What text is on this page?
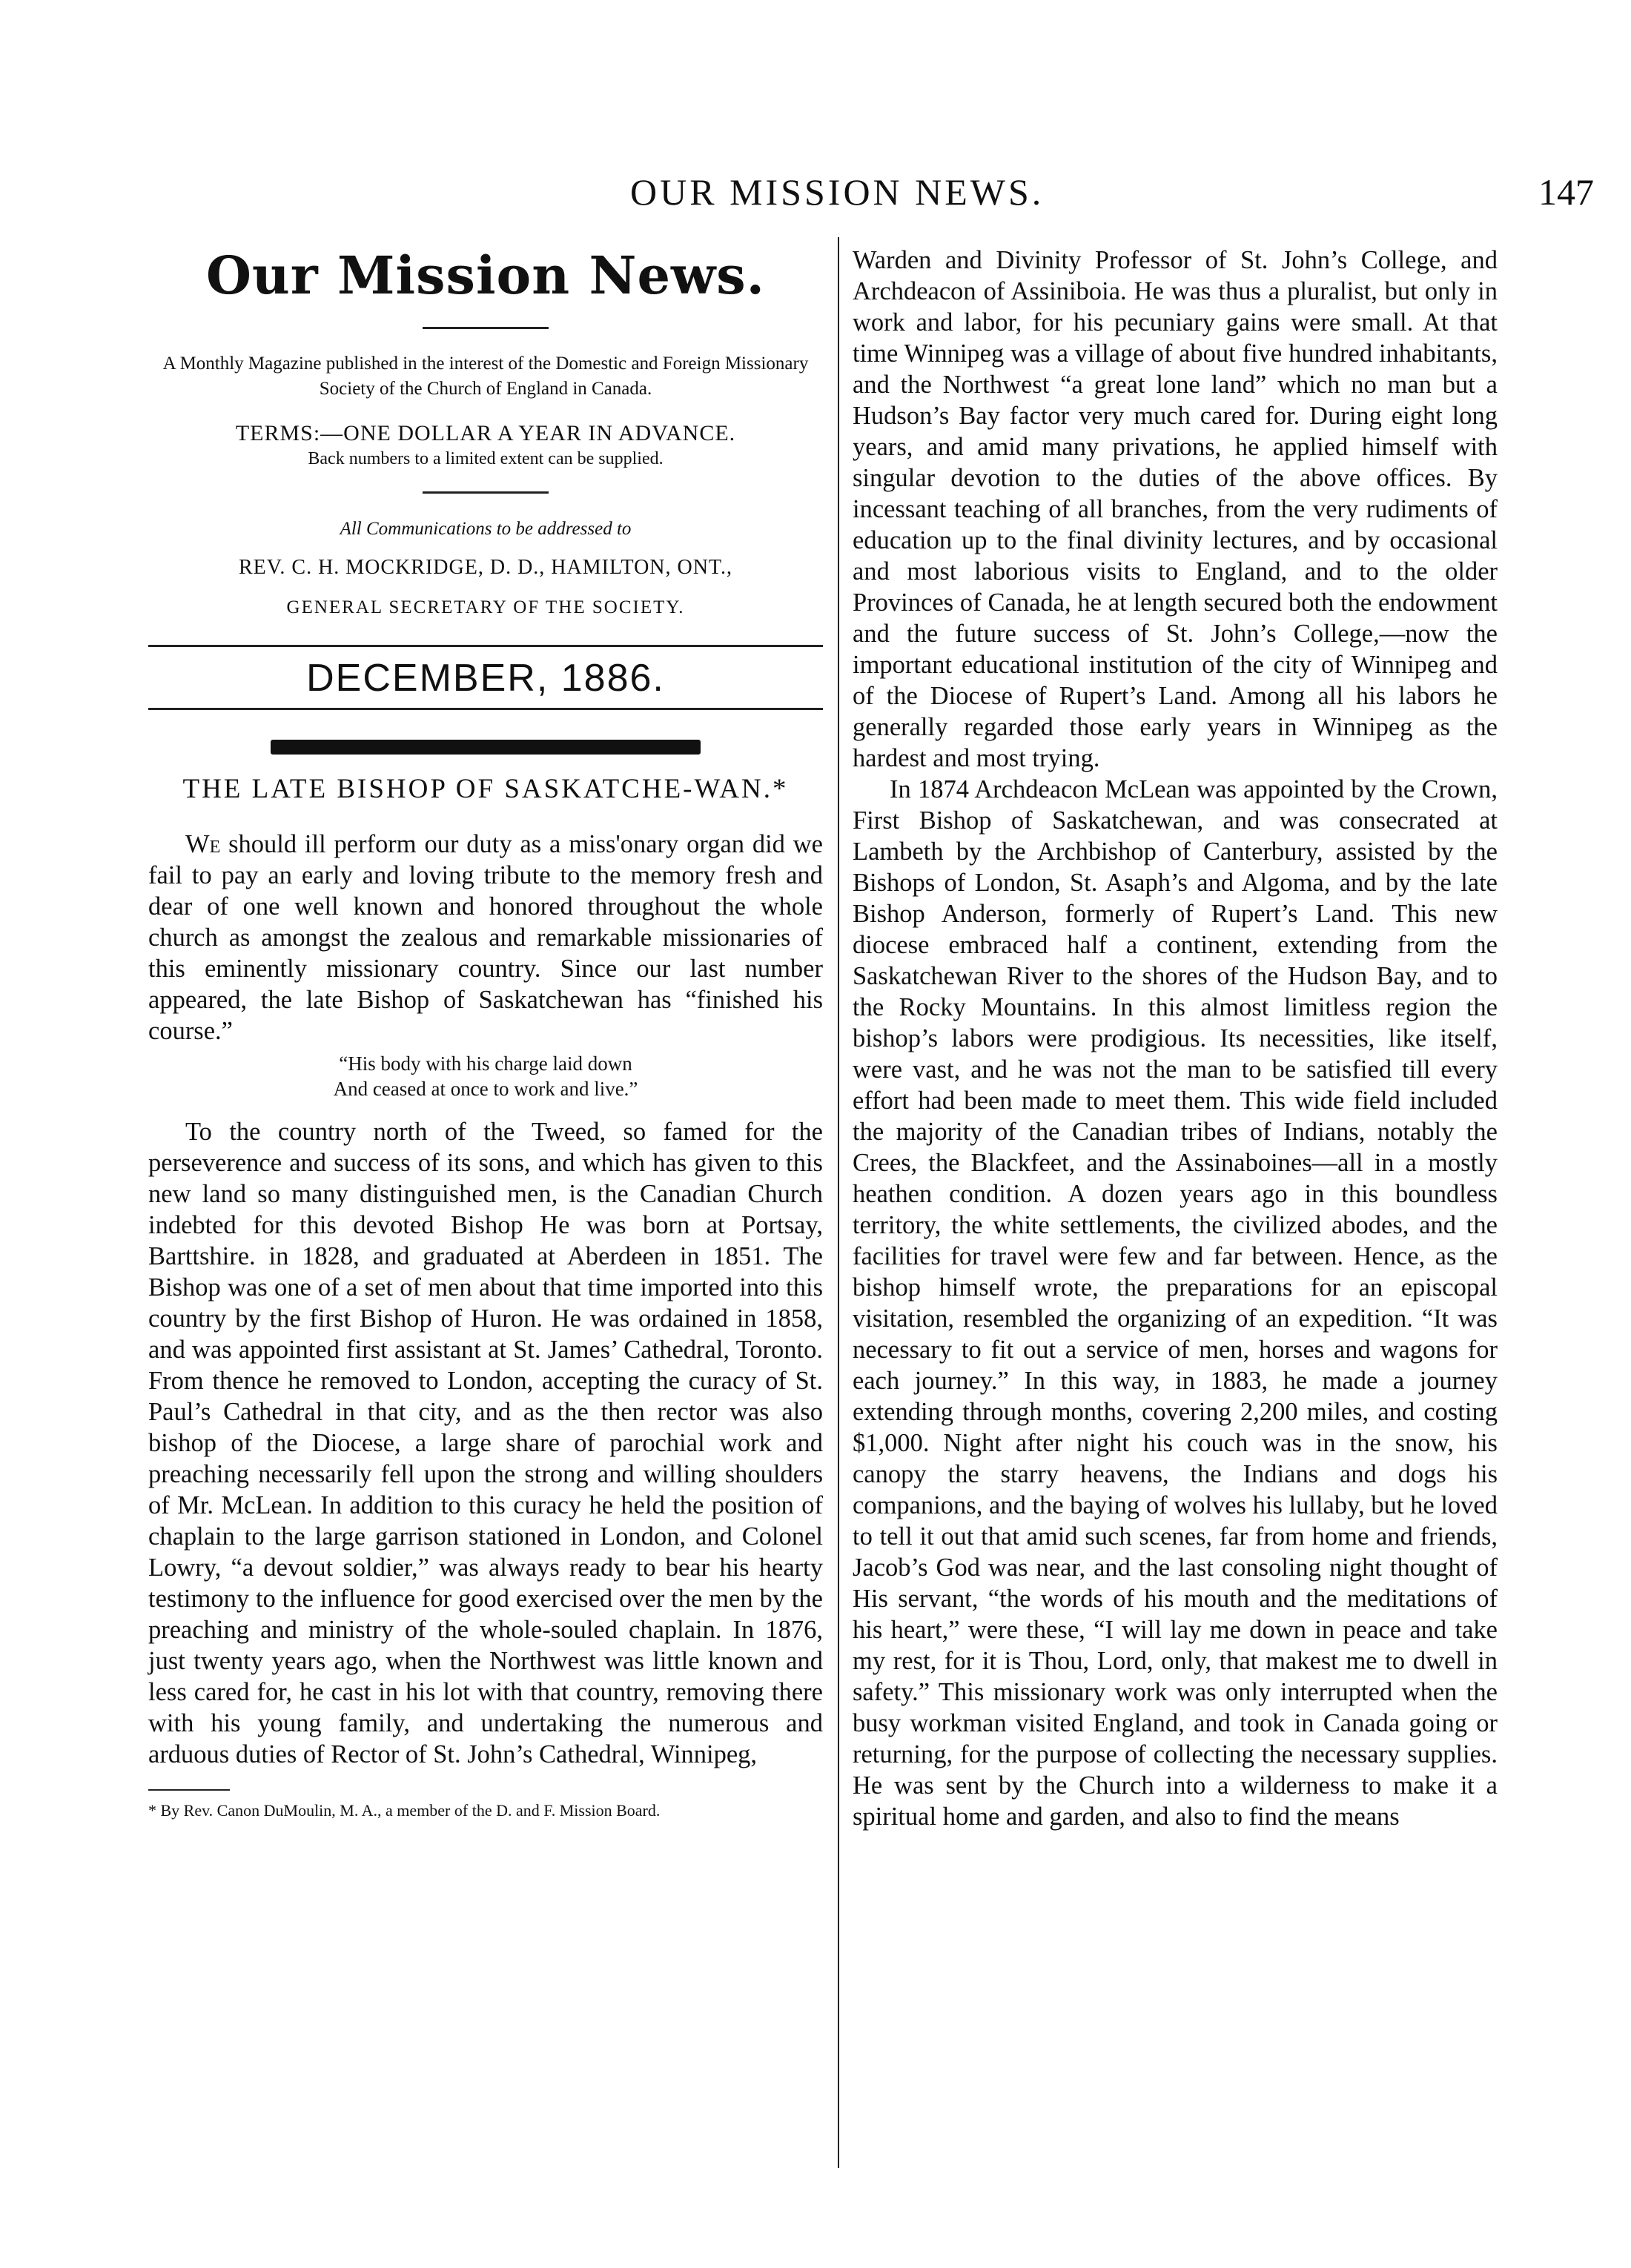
OUR MISSION NEWS.	147
Our Mission News.
A Monthly Magazine published in the interest of the Domestic and Foreign Missionary Society of the Church of England in Canada.
TERMS:—ONE DOLLAR A YEAR IN ADVANCE.
Back numbers to a limited extent can be supplied.
All Communications to be addressed to
REV. C. H. MOCKRIDGE, D. D., HAMILTON, ONT.,
GENERAL SECRETARY OF THE SOCIETY.
DECEMBER, 1886.
THE LATE BISHOP OF SASKATCHE-WAN.*

We should ill perform our duty as a miss'onary organ did we fail to pay an early and loving tribute to the memory fresh and dear of one well known and honored throughout the whole church as amongst the zealous and remarkable missionaries of this eminently missionary country. Since our last number appeared, the late Bishop of Saskatchewan has “finished his course.”

“His body with his charge laid down
And ceased at once to work and live.”

To the country north of the Tweed, so famed for the perseverence and success of its sons, and which has given to this new land so many distinguished men, is the Canadian Church indebted for this devoted Bishop He was born at Portsay, Barttshire. in 1828, and graduated at Aberdeen in 1851. The Bishop was one of a set of men about that time imported into this country by the first Bishop of Huron. He was ordained in 1858, and was appointed first assistant at St. James’ Cathedral, Toronto. From thence he removed to London, accepting the curacy of St. Paul’s Cathedral in that city, and as the then rector was also bishop of the Diocese, a large share of parochial work and preaching necessarily fell upon the strong and willing shoulders of Mr. McLean. In addition to this curacy he held the position of chaplain to the large garrison stationed in London, and Colonel Lowry, “a devout soldier,” was always ready to bear his hearty testimony to the influence for good exercised over the men by the preaching and ministry of the whole-souled chaplain. In 1876, just twenty years ago, when the Northwest was little known and less cared for, he cast in his lot with that country, removing there with his young family, and undertaking the numerous and arduous duties of Rector of St. John’s Cathedral, Winnipeg,

* By Rev. Canon DuMoulin, M. A., a member of the D. and F. Mission Board.

Warden and Divinity Professor of St. John’s College, and Archdeacon of Assiniboia. He was thus a pluralist, but only in work and labor, for his pecuniary gains were small. At that time Winnipeg was a village of about five hundred inhabitants, and the Northwest “a great lone land” which no man but a Hudson’s Bay factor very much cared for. During eight long years, and amid many privations, he applied himself with singular devotion to the duties of the above offices. By incessant teaching of all branches, from the very rudiments of education up to the final divinity lectures, and by occasional and most laborious visits to England, and to the older Provinces of Canada, he at length secured both the endowment and the future success of St. John’s College,—now the important educational institution of the city of Winnipeg and of the Diocese of Rupert’s Land. Among all his labors he generally regarded those early years in Winnipeg as the hardest and most trying.

In 1874 Archdeacon McLean was appointed by the Crown, First Bishop of Saskatchewan, and was consecrated at Lambeth by the Archbishop of Canterbury, assisted by the Bishops of London, St. Asaph’s and Algoma, and by the late Bishop Anderson, formerly of Rupert’s Land. This new diocese embraced half a continent, extending from the Saskatchewan River to the shores of the Hudson Bay, and to the Rocky Mountains. In this almost limitless region the bishop’s labors were prodigious. Its necessities, like itself, were vast, and he was not the man to be satisfied till every effort had been made to meet them. This wide field included the majority of the Canadian tribes of Indians, notably the Crees, the Blackfeet, and the Assinaboines—all in a mostly heathen condition. A dozen years ago in this boundless territory, the white settlements, the civilized abodes, and the facilities for travel were few and far between. Hence, as the bishop himself wrote, the preparations for an episcopal visitation, resembled the organizing of an expedition. “It was necessary to fit out a service of men, horses and wagons for each journey.” In this way, in 1883, he made a journey extending through months, covering 2,200 miles, and costing $1,000. Night after night his couch was in the snow, his canopy the starry heavens, the Indians and dogs his companions, and the baying of wolves his lullaby, but he loved to tell it out that amid such scenes, far from home and friends, Jacob’s God was near, and the last consoling night thought of His servant, “the words of his mouth and the meditations of his heart,” were these, “I will lay me down in peace and take my rest, for it is Thou, Lord, only, that makest me to dwell in safety.” This missionary work was only interrupted when the busy workman visited England, and took in Canada going or returning, for the purpose of collecting the necessary supplies. He was sent by the Church into a wilderness to make it a spiritual home and garden, and also to find the means
